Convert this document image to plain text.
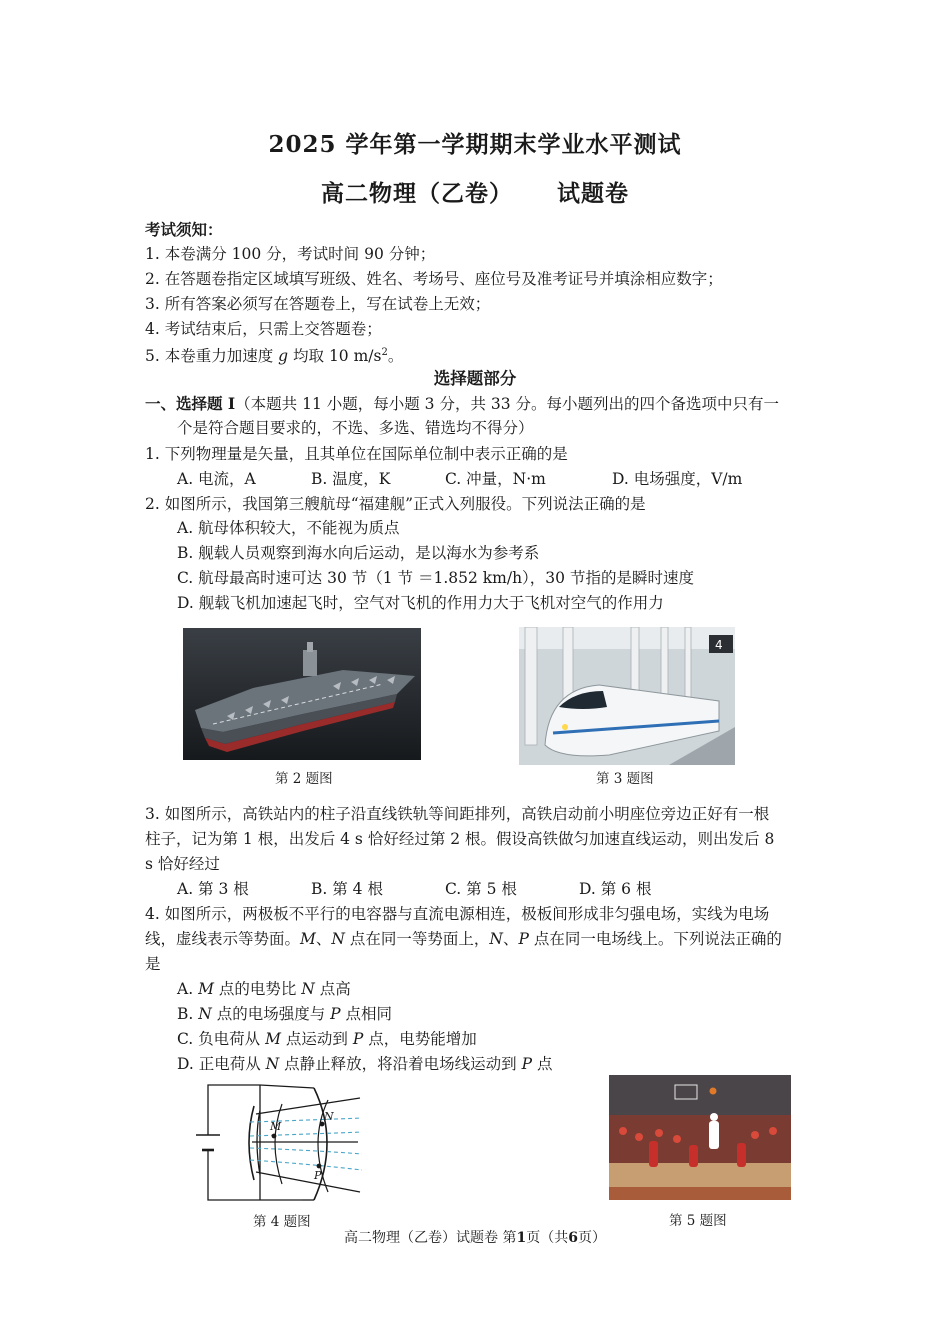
2025 学年第一学期期末学业水平测试
高二物理（乙卷） 试题卷
考试须知：
1. 本卷满分 100 分，考试时间 90 分钟；
2. 在答题卷指定区域填写班级、姓名、考场号、座位号及准考证号并填涂相应数字；
3. 所有答案必须写在答题卷上，写在试卷上无效；
4. 考试结束后，只需上交答题卷；
5. 本卷重力加速度 g 均取 10 $m/s^2$。
选择题部分
一、选择题 I（本题共 11 小题，每小题 3 分，共 33 分。每小题列出的四个备选项中只有一
个是符合题目要求的，不选、多选、错选均不得分）
1. 下列物理量是矢量，且其单位在国际单位制中表示正确的是
A. 电流，A	B. 温度，K	C. 冲量，N·m	D. 电场强度，V/m
2. 如图所示，我国第三艘航母“福建舰”正式入列服役。下列说法正确的是
A. 航母体积较大，不能视为质点
B. 舰载人员观察到海水向后运动，是以海水为参考系
C. 航母最高时速可达 30 节（1 节 ＝1.852 km/h），30 节指的是瞬时速度
D. 舰载飞机加速起飞时，空气对飞机的作用力大于飞机对空气的作用力
第 2 题图
4
第 3 题图
3. 如图所示，高铁站内的柱子沿直线铁轨等间距排列，高铁启动前小明座位旁边正好有一根
柱子，记为第 1 根，出发后 4 s 恰好经过第 2 根。假设高铁做匀加速直线运动，则出发后 8
s 恰好经过
A. 第 3 根	B. 第 4 根	C. 第 5 根	D. 第 6 根
4. 如图所示，两极板不平行的电容器与直流电源相连，极板间形成非匀强电场，实线为电场
线，虚线表示等势面。M、N 点在同一等势面上，N、P 点在同一电场线上。下列说法正确的
是
A. M 点的电势比 N 点高
B. N 点的电场强度与 P 点相同
C. 负电荷从 M 点运动到 P 点，电势能增加
D. 正电荷从 N 点静止释放，将沿着电场线运动到 P 点
M
N
P
第 4 题图	第 5 题图
高二物理（乙卷）试题卷 第1页（共6页）
